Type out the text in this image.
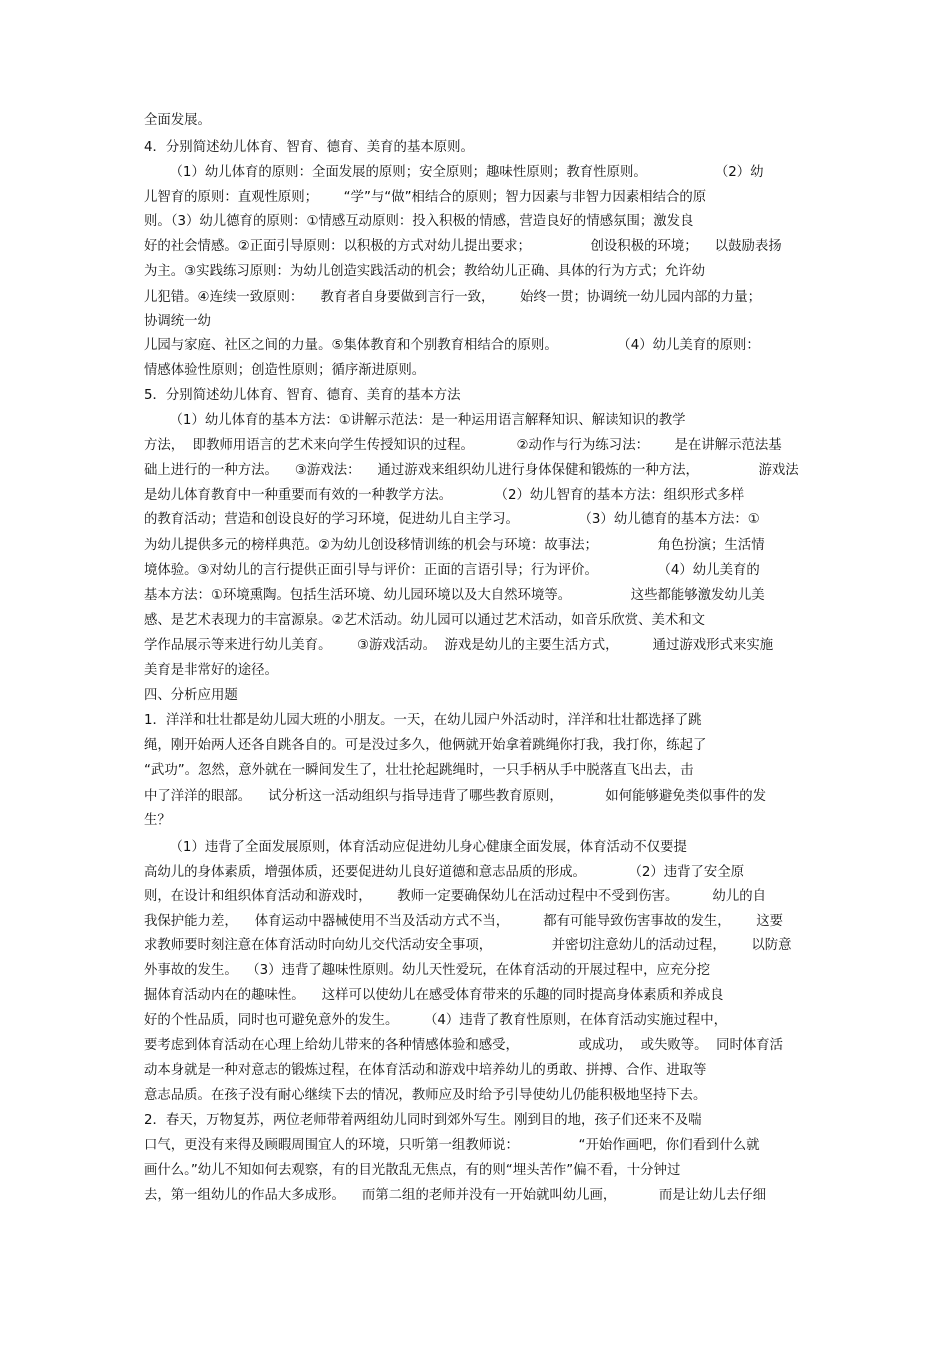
全面发展。
4．分别简述幼儿体育、智育、德育、美育的基本原则。
（1）幼儿体育的原则：全面发展的原则；安全原则；趣味性原则；教育性原则。                （2）幼
儿智育的原则：直观性原则；      “学”与“做”相结合的原则；智力因素与非智力因素相结合的原
则。（3）幼儿德育的原则：①情感互动原则：投入积极的情感，营造良好的情感氛围；激发良
好的社会情感。②正面引导原则：以积极的方式对幼儿提出要求；              创设积极的环境；    以鼓励表扬
为主。③实践练习原则：为幼儿创造实践活动的机会；教给幼儿正确、具体的行为方式；允许幼
儿犯错。④连续一致原则：    教育者自身要做到言行一致，      始终一贯；协调统一幼儿园内部的力量；
协调统一幼
儿园与家庭、社区之间的力量。⑤集体教育和个别教育相结合的原则。              （4）幼儿美育的原则：
情感体验性原则；创造性原则；循序渐进原则。
5．分别简述幼儿体育、智育、德育、美育的基本方法
（1）幼儿体育的基本方法：①讲解示范法：是一种运用语言解释知识、解读知识的教学
方法，  即教师用语言的艺术来向学生传授知识的过程。          ②动作与行为练习法：      是在讲解示范法基
础上进行的一种方法。    ③游戏法：    通过游戏来组织幼儿进行身体保健和锻炼的一种方法，              游戏法
是幼儿体育教育中一种重要而有效的一种教学方法。          （2）幼儿智育的基本方法：组织形式多样
的教育活动；营造和创设良好的学习环境，促进幼儿自主学习。              （3）幼儿德育的基本方法：①
为幼儿提供多元的榜样典范。②为幼儿创设移情训练的机会与环境：故事法；              角色扮演；生活情
境体验。③对幼儿的言行提供正面引导与评价：正面的言语引导；行为评价。              （4）幼儿美育的
基本方法：①环境熏陶。包括生活环境、幼儿园环境以及大自然环境等。              这些都能够激发幼儿美
感、是艺术表现力的丰富源泉。②艺术活动。幼儿园可以通过艺术活动，如音乐欣赏、美术和文
学作品展示等来进行幼儿美育。      ③游戏活动。  游戏是幼儿的主要生活方式，        通过游戏形式来实施
美育是非常好的途径。
四、分析应用题
1．洋洋和壮壮都是幼儿园大班的小朋友。一天，在幼儿园户外活动时，洋洋和壮壮都选择了跳
绳，刚开始两人还各自跳各自的。可是没过多久，他俩就开始拿着跳绳你打我，我打你，练起了
“武功”。忽然，意外就在一瞬间发生了，壮壮抡起跳绳时，一只手柄从手中脱落直飞出去，击
中了洋洋的眼部。    试分析这一活动组织与指导违背了哪些教育原则，          如何能够避免类似事件的发
生？
（1）违背了全面发展原则，体育活动应促进幼儿身心健康全面发展，体育活动不仅要提
高幼儿的身体素质，增强体质，还要促进幼儿良好道德和意志品质的形成。          （2）违背了安全原
则，在设计和组织体育活动和游戏时，      教师一定要确保幼儿在活动过程中不受到伤害。        幼儿的自
我保护能力差，    体育运动中器械使用不当及活动方式不当，        都有可能导致伤害事故的发生，      这要
求教师要时刻注意在体育活动时向幼儿交代活动安全事项，              并密切注意幼儿的活动过程，      以防意
外事故的发生。  （3）违背了趣味性原则。幼儿天性爱玩，在体育活动的开展过程中，应充分挖
掘体育活动内在的趣味性。    这样可以使幼儿在感受体育带来的乐趣的同时提高身体素质和养成良
好的个性品质，同时也可避免意外的发生。      （4）违背了教育性原则，在体育活动实施过程中，
要考虑到体育活动在心理上给幼儿带来的各种情感体验和感受，              或成功，  或失败等。  同时体育活
动本身就是一种对意志的锻炼过程，在体育活动和游戏中培养幼儿的勇敢、拼搏、合作、进取等
意志品质。在孩子没有耐心继续下去的情况，教师应及时给予引导使幼儿仍能积极地坚持下去。
2．春天，万物复苏，两位老师带着两组幼儿同时到郊外写生。刚到目的地，孩子们还来不及喘
口气，更没有来得及顾暇周围宜人的环境，只听第一组教师说：              “开始作画吧，你们看到什么就
画什么。”幼儿不知如何去观察，有的目光散乱无焦点，有的则“埋头苦作”偏不看，十分钟过
去，第一组幼儿的作品大多成形。    而第二组的老师并没有一开始就叫幼儿画，          而是让幼儿去仔细
